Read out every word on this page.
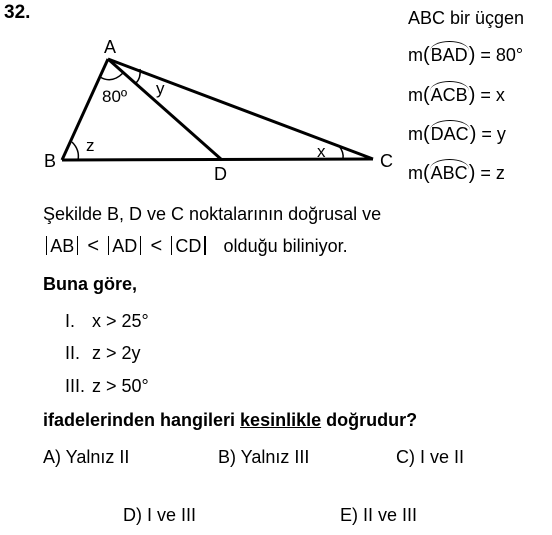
32.
A
B	C
D
80º y
z	x
ABC bir üçgen
m(BAD) = 80°
m(ACB) = x
m(DAC) = y
m(ABC) = z
Şekilde B, D ve C noktalarının doğrusal ve
AB < AD < CD olduğu biliniyor.
Buna göre,
I. x > 25°
II. z > 2y
III. z > 50°
ifadelerinden hangileri kesinlikle doğrudur?
A) Yalnız II	B) Yalnız III	C) I ve II
D) I ve III	E) II ve III
